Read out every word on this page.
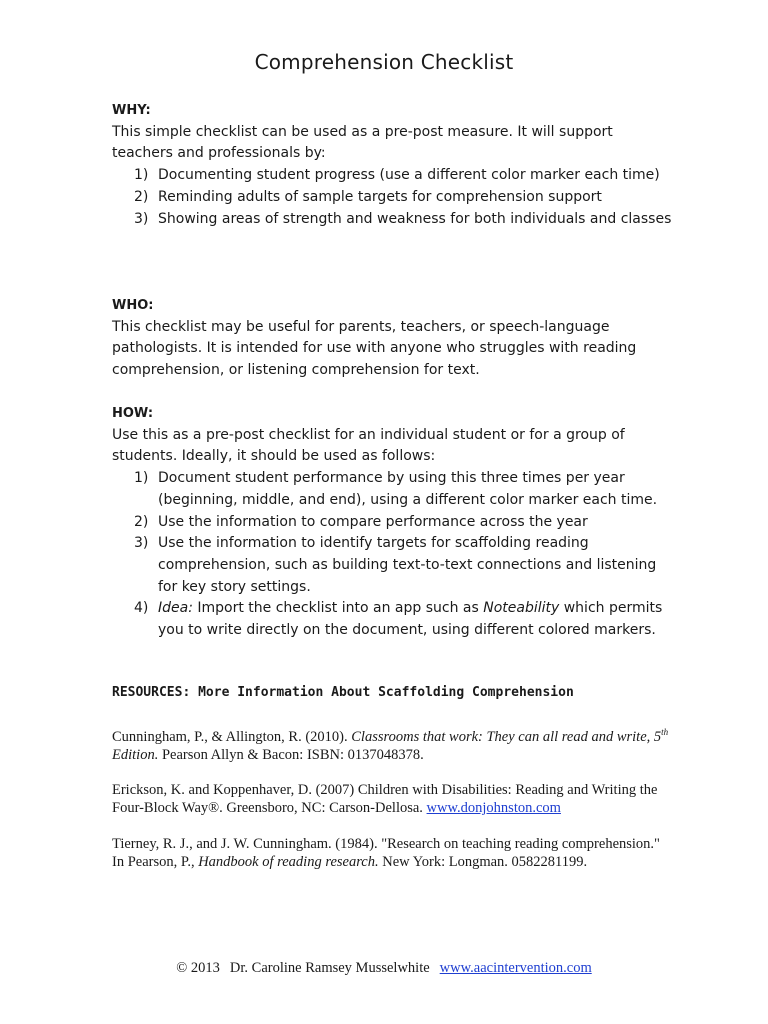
Comprehension Checklist
WHY:

This simple checklist can be used as a pre-post measure. It will support teachers and professionals by:

1) Documenting student progress (use a different color marker each time)
2) Reminding adults of sample targets for comprehension support
3) Showing areas of strength and weakness for both individuals and classes
WHO:

This checklist may be useful for parents, teachers, or speech-language pathologists. It is intended for use with anyone who struggles with reading comprehension, or listening comprehension for text.

HOW:

Use this as a pre-post checklist for an individual student or for a group of students. Ideally, it should be used as follows:

1) Document student performance by using this three times per year (beginning, middle, and end), using a different color marker each time.
2) Use the information to compare performance across the year
3) Use the information to identify targets for scaffolding reading comprehension, such as building text-to-text connections and listening for key story settings.
4) Idea: Import the checklist into an app such as Noteability which permits you to write directly on the document, using different colored markers.
RESOURCES: More Information About Scaffolding Comprehension
Cunningham, P., & Allington, R. (2010). Classrooms that work: They can all read and write, 5th Edition. Pearson Allyn & Bacon: ISBN: 0137048378.
Erickson, K. and Koppenhaver, D. (2007) Children with Disabilities: Reading and Writing the Four-Block Way®. Greensboro, NC: Carson-Dellosa. www.donjohnston.com
Tierney, R. J., and J. W. Cunningham. (1984). "Research on teaching reading comprehension." In Pearson, P., Handbook of reading research. New York: Longman. 0582281199.
© 2013 Dr. Caroline Ramsey Musselwhite www.aacintervention.com
